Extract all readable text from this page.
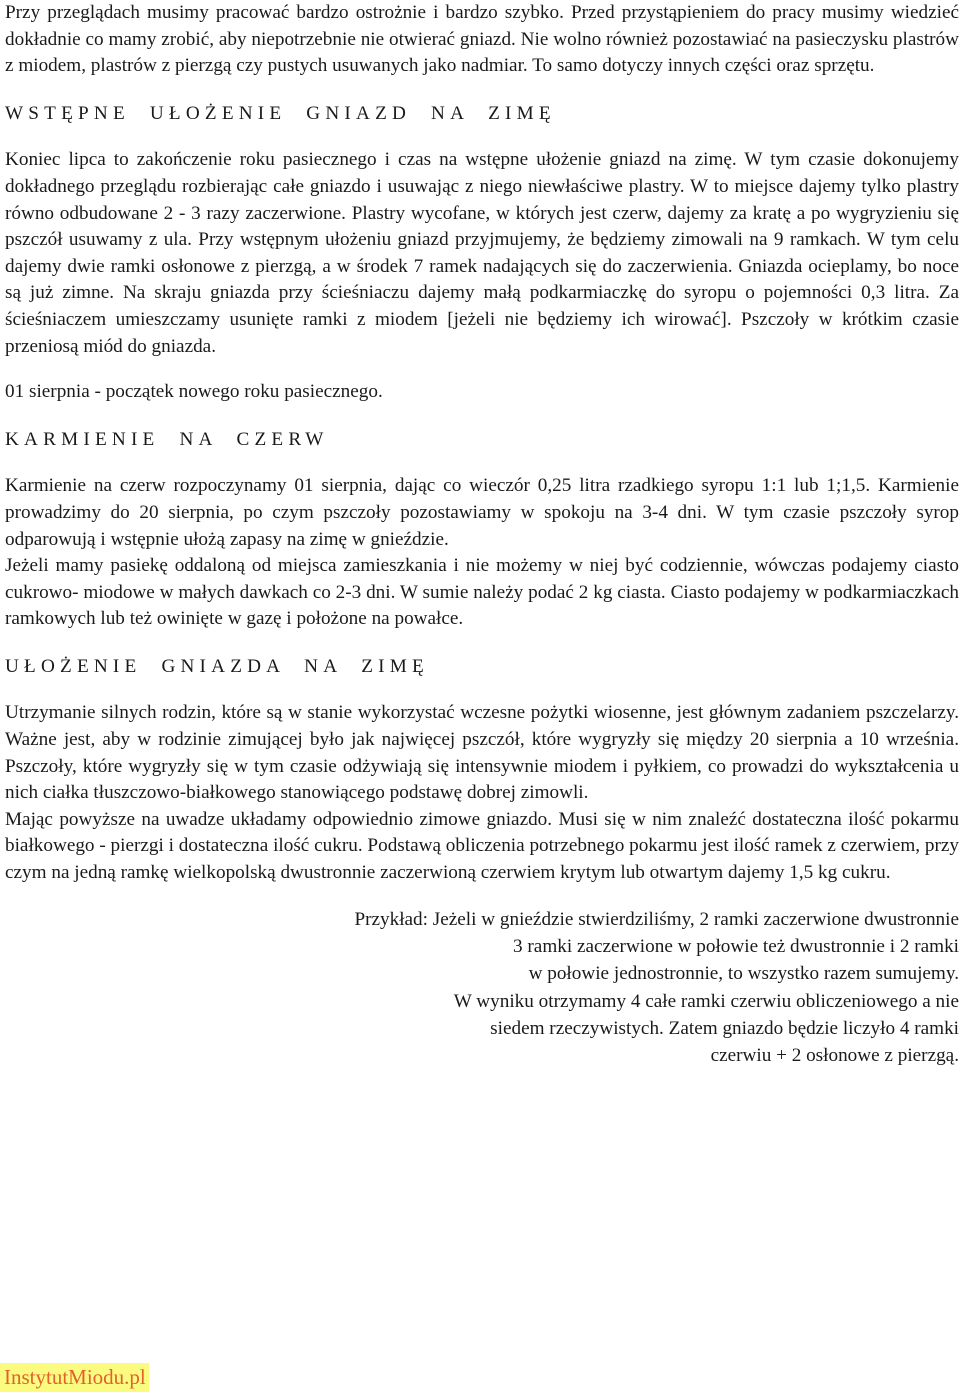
Przy przeglądach musimy pracować bardzo ostrożnie i bardzo szybko. Przed przystąpieniem do pracy musimy wiedzieć dokładnie co mamy zrobić, aby niepotrzebnie nie otwierać gniazd. Nie wolno również pozostawiać na pasieczysku plastrów z miodem, plastrów z pierzgą czy pustych usuwanych jako nadmiar. To samo dotyczy innych części oraz sprzętu.

WSTĘPNE UŁOŻENIE GNIAZD NA ZIMĘ

Koniec lipca to zakończenie roku pasiecznego i czas na wstępne ułożenie gniazd na zimę. W tym czasie dokonujemy dokładnego przeglądu rozbierając całe gniazdo i usuwając z niego niewłaściwe plastry. W to miejsce dajemy tylko plastry równo odbudowane 2 - 3 razy zaczerwione. Plastry wycofane, w których jest czerw, dajemy za kratę a po wygryzieniu się pszczół usuwamy z ula. Przy wstępnym ułożeniu gniazd przyjmujemy, że będziemy zimowali na 9 ramkach. W tym celu dajemy dwie ramki osłonowe z pierzgą, a w środek 7 ramek nadających się do zaczerwienia. Gniazda ocieplamy, bo noce są już zimne. Na skraju gniazda przy ścieśniaczu dajemy małą podkarmiaczkę do syropu o pojemności 0,3 litra. Za ścieśniaczem umieszczamy usunięte ramki z miodem [jeżeli nie będziemy ich wirować]. Pszczoły w krótkim czasie przeniosą miód do gniazda.

01 sierpnia - początek nowego roku pasiecznego.

KARMIENIE NA CZERW

Karmienie na czerw rozpoczynamy 01 sierpnia, dając co wieczór 0,25 litra rzadkiego syropu 1:1 lub 1;1,5. Karmienie prowadzimy do 20 sierpnia, po czym pszczoły pozostawiamy w spokoju na 3-4 dni. W tym czasie pszczoły syrop odparowują i wstępnie ułożą zapasy na zimę w gnieździe.

Jeżeli mamy pasiekę oddaloną od miejsca zamieszkania i nie możemy w niej być codziennie, wówczas podajemy ciasto cukrowo- miodowe w małych dawkach co 2-3 dni. W sumie należy podać 2 kg ciasta. Ciasto podajemy w podkarmiaczkach ramkowych lub też owinięte w gazę i położone na powałce.

UŁOŻENIE GNIAZDA NA ZIMĘ

Utrzymanie silnych rodzin, które są w stanie wykorzystać wczesne pożytki wiosenne, jest głównym zadaniem pszczelarzy. Ważne jest, aby w rodzinie zimującej było jak najwięcej pszczół, które wygryzły się między 20 sierpnia a 10 września. Pszczoły, które wygryzły się w tym czasie odżywiają się intensywnie miodem i pyłkiem, co prowadzi do wykształcenia u nich ciałka tłuszczowo-białkowego stanowiącego podstawę dobrej zimowli.

Mając powyższe na uwadze układamy odpowiednio zimowe gniazdo. Musi się w nim znaleźć dostateczna ilość pokarmu białkowego - pierzgi i dostateczna ilość cukru. Podstawą obliczenia potrzebnego pokarmu jest ilość ramek z czerwiem, przy czym na jedną ramkę wielkopolską dwustronnie zaczerwioną czerwiem krytym lub otwartym dajemy 1,5 kg cukru.

Przykład: Jeżeli w gnieździe stwierdziliśmy, 2 ramki zaczerwione dwustronnie
3 ramki zaczerwione w połowie też dwustronnie i 2 ramki
w połowie jednostronnie, to wszystko razem sumujemy.
W wyniku otrzymamy 4 całe ramki czerwiu obliczeniowego a nie
siedem rzeczywistych. Zatem gniazdo będzie liczyło 4 ramki
czerwiu + 2 osłonowe z pierzgą.
InstytutMiodu.pl
